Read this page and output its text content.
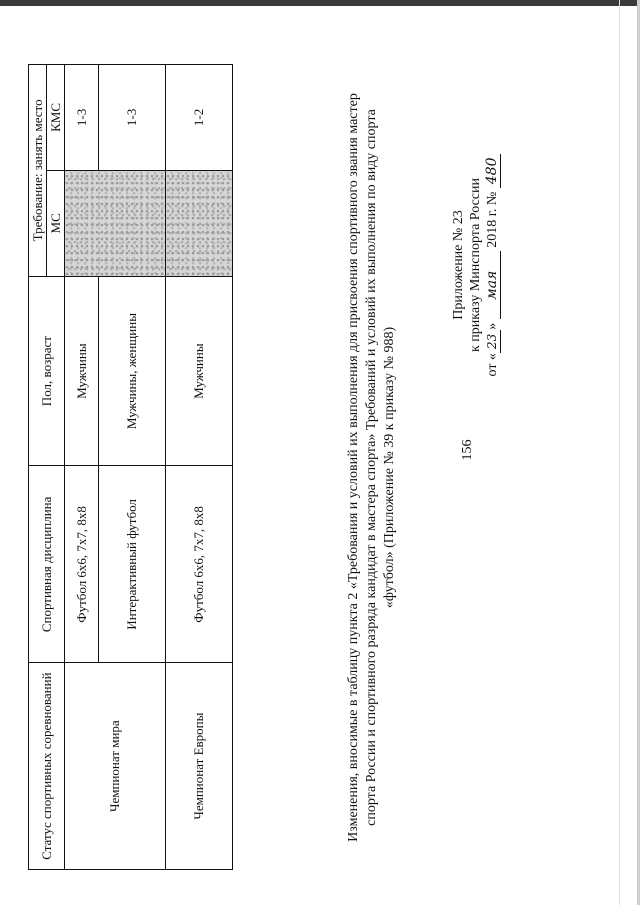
156
Приложение № 23 к приказу Минспорта России
от «23» мая 2018 г. № 480
Изменения, вносимые в таблицу пункта 2 «Требования и условий их выполнения для присвоения спортивного звания мастер спорта России и спортивного разряда кандидат в мастера спорта» Требований и условий их выполнения по виду спорта «футбол» (Приложение № 39 к приказу № 988)
Статус спортивных соревнований	Спортивная дисциплина	Пол, возраст	Требование: занять место	
			МС	КМС
Чемпионат мира	Футбол 6х6, 7х7, 8х8	Мужчины		1-3
	Интерактивный футбол	Мужчины, женщины		1-3
Чемпионат Европы	Футбол 6х6, 7х7, 8х8	Мужчины		1-2
